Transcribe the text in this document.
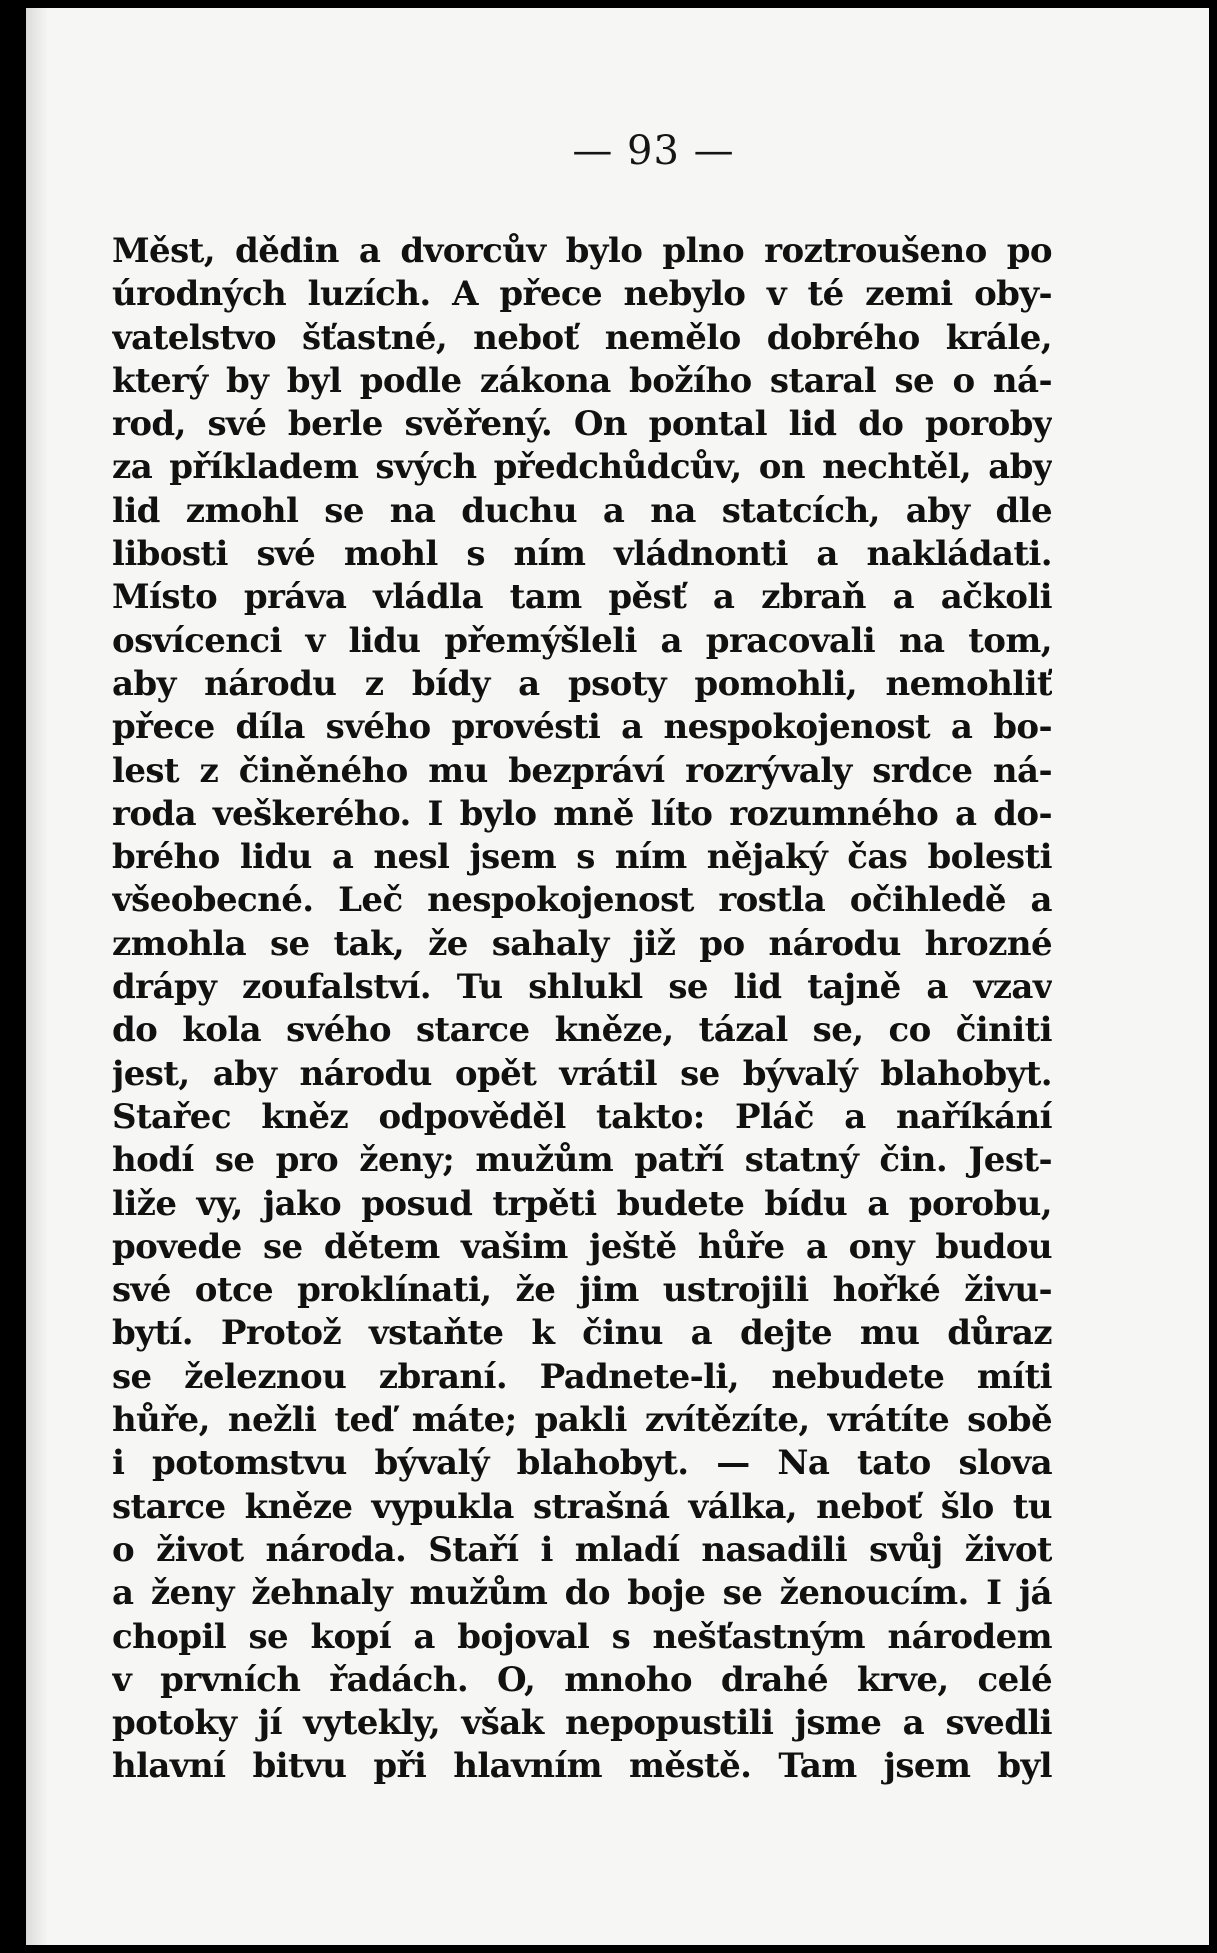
— 93 —
Měst, dědin a dvorcův bylo plno roztroušeno po
úrodných luzích. A přece nebylo v té zemi oby-
vatelstvo šťastné, neboť nemělo dobrého krále,
který by byl podle zákona božího staral se o ná-
rod, své berle svěřený. On pontal lid do poroby
za příkladem svých předchůdcův, on nechtěl, aby
lid zmohl se na duchu a na statcích, aby dle
libosti své mohl s ním vládnonti a nakládati.
Místo práva vládla tam pěsť a zbraň a ačkoli
osvícenci v lidu přemýšleli a pracovali na tom,
aby národu z bídy a psoty pomohli, nemohliť
přece díla svého provésti a nespokojenost a bo-
lest z činěného mu bezpráví rozrývaly srdce ná-
roda veškerého. I bylo mně líto rozumného a do-
brého lidu a nesl jsem s ním nějaký čas bolesti
všeobecné. Leč nespokojenost rostla očihledě a
zmohla se tak, že sahaly již po národu hrozné
drápy zoufalství. Tu shlukl se lid tajně a vzav
do kola svého starce kněze, tázal se, co činiti
jest, aby národu opět vrátil se bývalý blahobyt.
Stařec kněz odpověděl takto: Pláč a naříkání
hodí se pro ženy; mužům patří statný čin. Jest-
liže vy, jako posud trpěti budete bídu a porobu,
povede se dětem vašim ještě hůře a ony budou
své otce proklínati, že jim ustrojili hořké živu-
bytí. Protož vstaňte k činu a dejte mu důraz
se železnou zbraní. Padnete-li, nebudete míti
hůře, nežli teď máte; pakli zvítězíte, vrátíte sobě
i potomstvu bývalý blahobyt. — Na tato slova
starce kněze vypukla strašná válka, neboť šlo tu
o život národa. Staří i mladí nasadili svůj život
a ženy žehnaly mužům do boje se ženoucím. I já
chopil se kopí a bojoval s nešťastným národem
v prvních řadách. O, mnoho drahé krve, celé
potoky jí vytekly, však nepopustili jsme a svedli
hlavní bitvu při hlavním městě. Tam jsem byl
